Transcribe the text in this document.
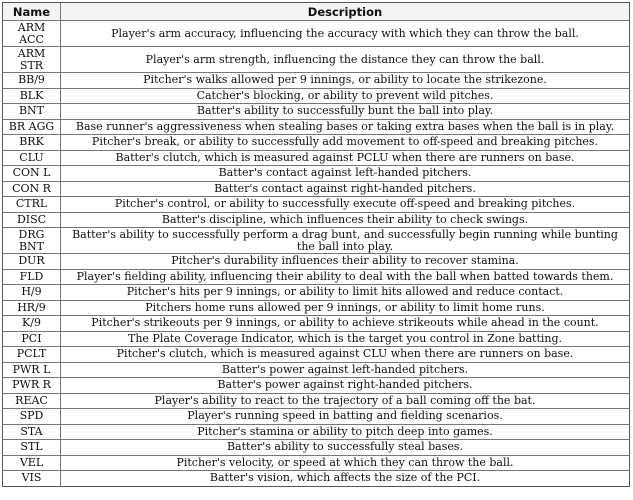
Name	Description
ARM ACC	Player's arm accuracy, influencing the accuracy with which they can throw the ball.
ARM STR	Player's arm strength, influencing the distance they can throw the ball.
BB/9	Pitcher's walks allowed per 9 innings, or ability to locate the strikezone.
BLK	Catcher's blocking, or ability to prevent wild pitches.
BNT	Batter's ability to successfully bunt the ball into play.
BR AGG	Base runner's aggressiveness when stealing bases or taking extra bases when the ball is in play.
BRK	Pitcher's break, or ability to successfully add movement to off-speed and breaking pitches.
CLU	Batter's clutch, which is measured against PCLU when there are runners on base.
CON L	Batter's contact against left-handed pitchers.
CON R	Batter's contact against right-handed pitchers.
CTRL	Pitcher's control, or ability to successfully execute off-speed and breaking pitches.
DISC	Batter's discipline, which influences their ability to check swings.
DRG BNT	Batter's ability to successfully perform a drag bunt, and successfully begin running while bunting the ball into play.
DUR	Pitcher's durability influences their ability to recover stamina.
FLD	Player's fielding ability, influencing their ability to deal with the ball when batted towards them.
H/9	Pitcher's hits per 9 innings, or ability to limit hits allowed and reduce contact.
HR/9	Pitchers home runs allowed per 9 innings, or ability to limit home runs.
K/9	Pitcher's strikeouts per 9 innings, or ability to achieve strikeouts while ahead in the count.
PCI	The Plate Coverage Indicator, which is the target you control in Zone batting.
PCLT	Pitcher's clutch, which is measured against CLU when there are runners on base.
PWR L	Batter's power against left-handed pitchers.
PWR R	Batter's power against right-handed pitchers.
REAC	Player's ability to react to the trajectory of a ball coming off the bat.
SPD	Player's running speed in batting and fielding scenarios.
STA	Pitcher's stamina or ability to pitch deep into games.
STL	Batter's ability to successfully steal bases.
VEL	Pitcher's velocity, or speed at which they can throw the ball.
VIS	Batter's vision, which affects the size of the PCI.
